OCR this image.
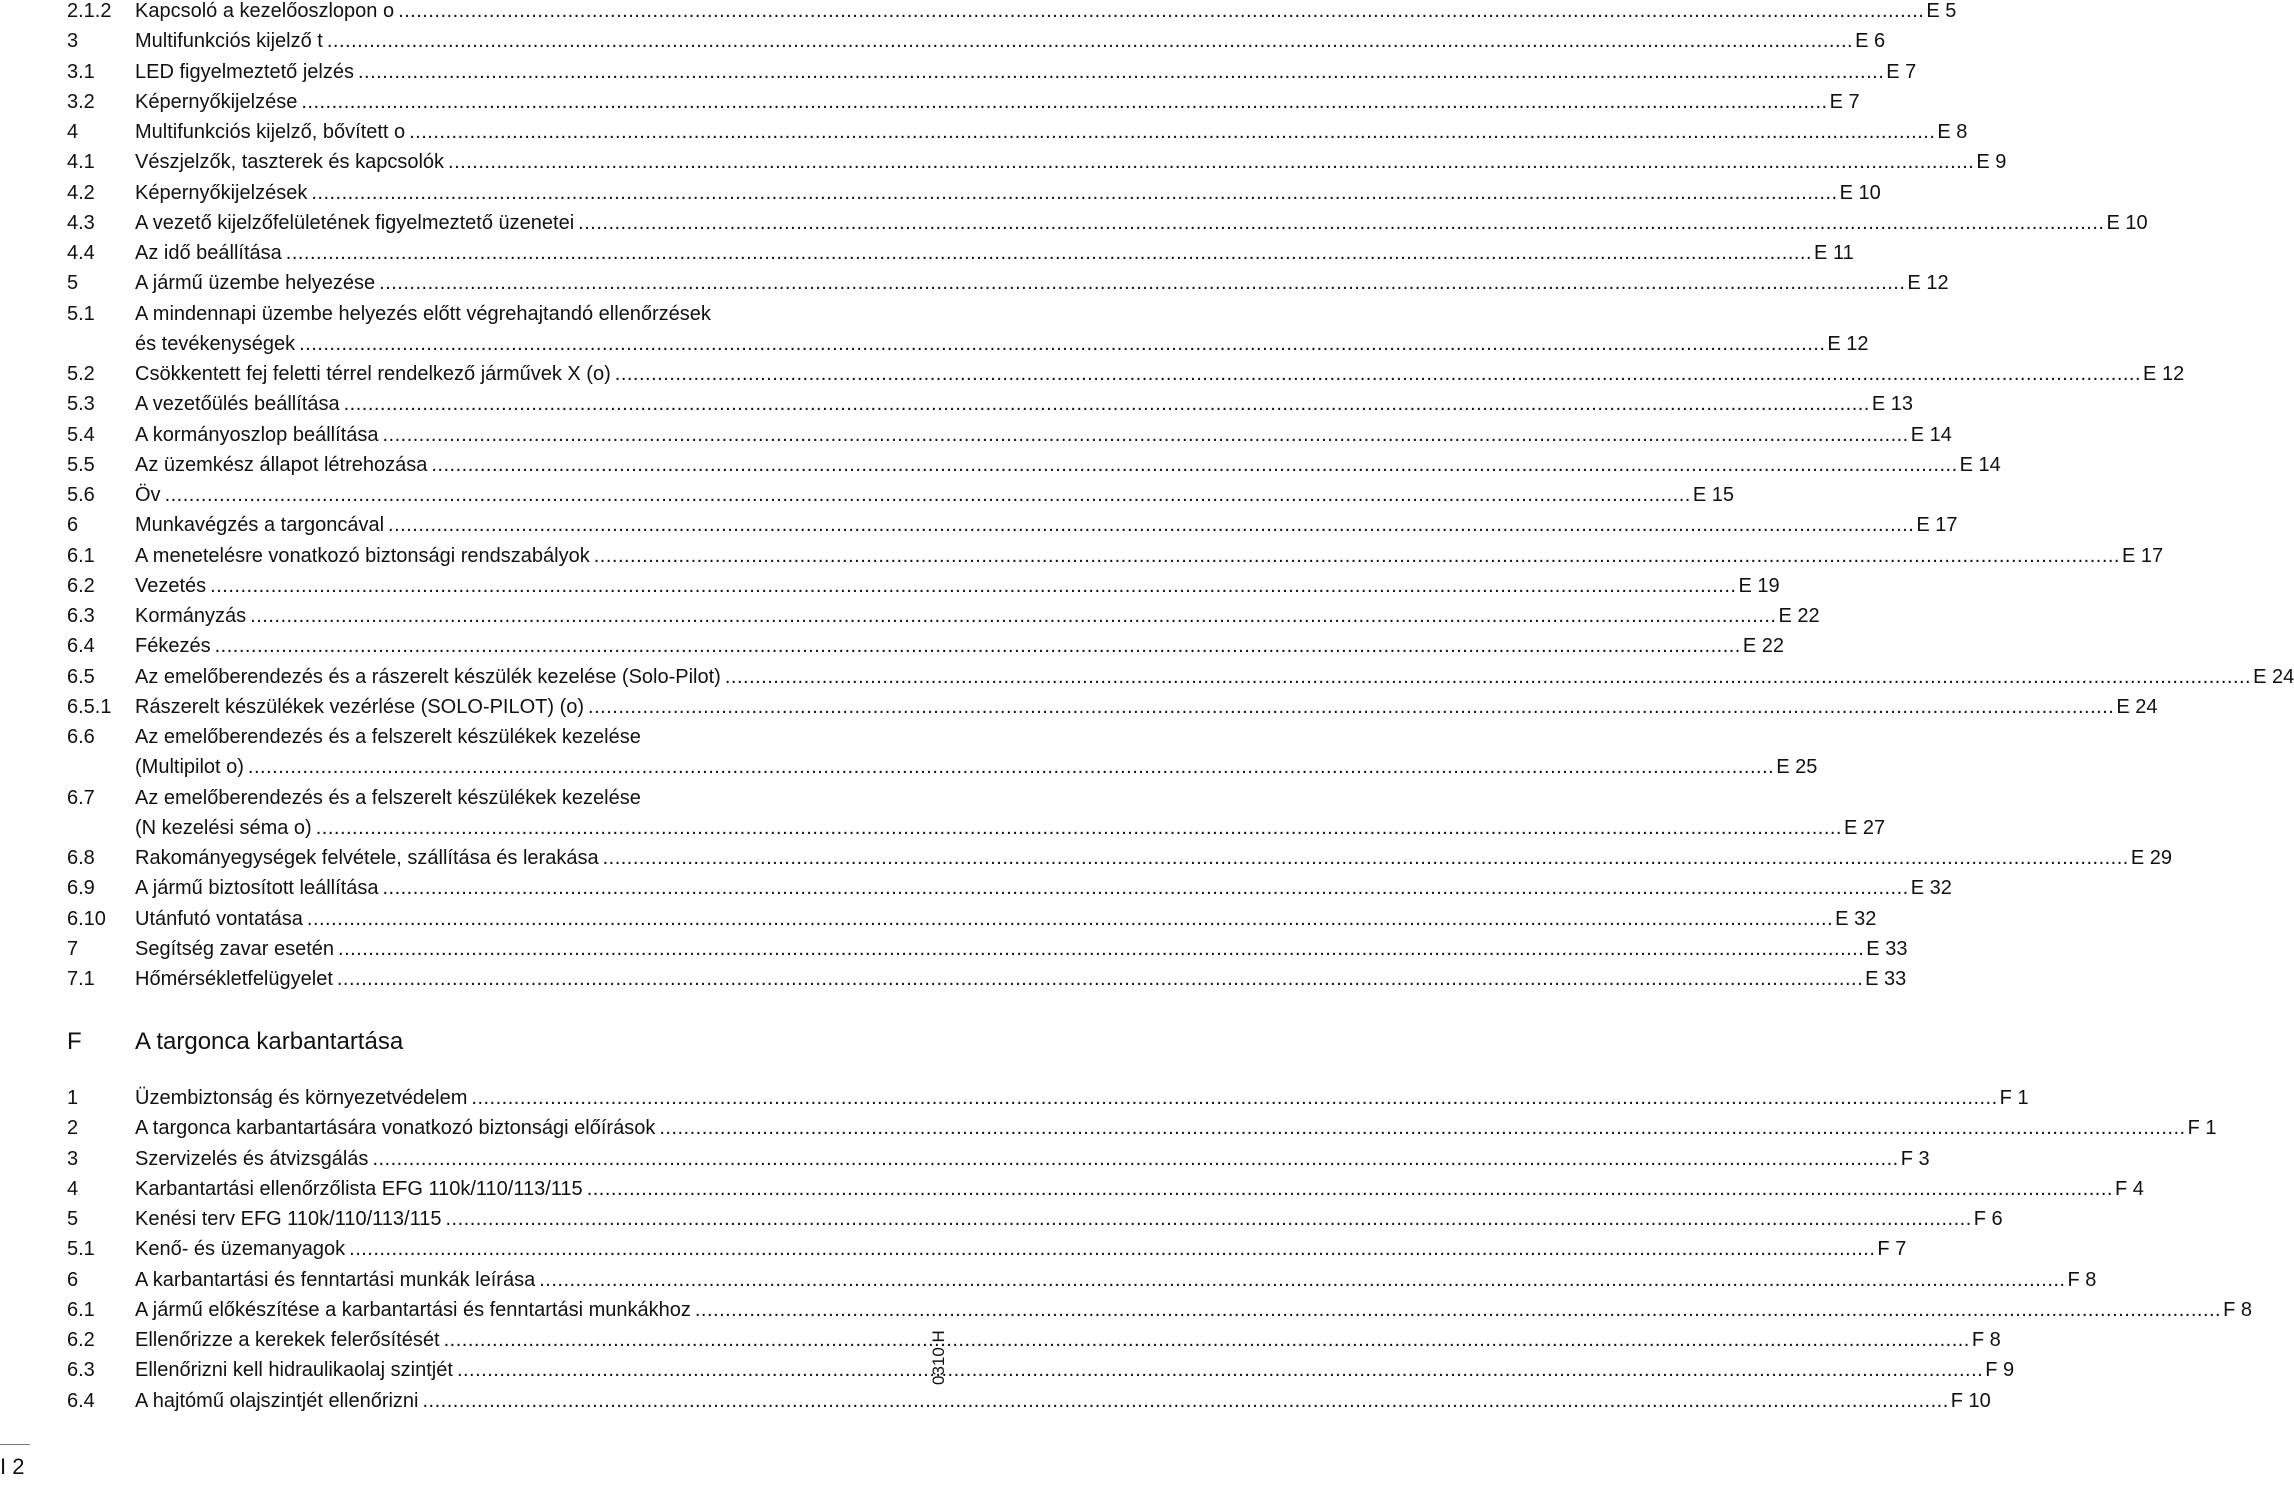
2.1.2 Kapcsoló a kezelőoszlopon o .....	E 5
3	Multifunkciós kijelző t .....	E 6
3.1 LED figyelmeztető jelzés .....	E 7
3.2 Képernyőkijelzése .....	E 7
4	Multifunkciós kijelző, bővített o .....	E 8
4.1 Vészjelzők, taszterek és kapcsolók .....	E 9
4.2 Képernyőkijelzések .....	E 10
4.3 A vezető kijelzőfelületének figyelmeztető üzenetei .....	E 10
4.4 Az idő beállítása .....	E 11
5	A jármű üzembe helyezése .....	E 12
5.1 A mindennapi üzembe helyezés előtt végrehajtandó ellenőrzések
és tevékenységek .....	E 12
5.2 Csökkentett fej feletti térrel rendelkező járművek X (o) .....	E 12
5.3 A vezetőülés beállítása .....	E 13
5.4 A kormányoszlop beállítása .....	E 14
5.5 Az üzemkész állapot létrehozása .....	E 14
5.6 Öv .....	E 15
6	Munkavégzés a targoncával .....	E 17
6.1 A menetelésre vonatkozó biztonsági rendszabályok .....	E 17
6.2 Vezetés .....	E 19
6.3 Kormányzás .....	E 22
6.4 Fékezés .....	E 22
6.5 Az emelőberendezés és a rászerelt készülék kezelése (Solo-Pilot) .....	E 24
6.5.1 Rászerelt készülékek vezérlése (SOLO-PILOT) (o) .....	E 24
6.6 Az emelőberendezés és a felszerelt készülékek kezelése
(Multipilot o) .....	E 25
6.7 Az emelőberendezés és a felszerelt készülékek kezelése
(N kezelési séma o) .....	E 27
6.8 Rakományegységek felvétele, szállítása és lerakása .....	E 29
6.9 A jármű biztosított leállítása .....	E 32
6.10 Utánfutó vontatása .....	E 32
7	Segítség zavar esetén .....	E 33
7.1 Hőmérsékletfelügyelet .....	E 33
F A targonca karbantartása
1	Üzembiztonság és környezetvédelem .....	F 1
2	A targonca karbantartására vonatkozó biztonsági előírások .....	F 1
3	Szervizelés és átvizsgálás .....	F 3
4	Karbantartási ellenőrzőlista EFG 110k/110/113/115 .....	F 4
5	Kenési terv EFG 110k/110/113/115 .....	F 6
5.1 Kenő- és üzemanyagok .....	F 7
6	A karbantartási és fenntartási munkák leírása .....	F 8
6.1 A jármű előkészítése a karbantartási és fenntartási munkákhoz .....	F 8
6.2 Ellenőrizze a kerekek felerősítését .....	F 8
6.3 Ellenőrizni kell hidraulikaolaj szintjét .....	F 9
6.4 A hajtómű olajszintjét ellenőrizni .....	F 10
0310.H
I 2
